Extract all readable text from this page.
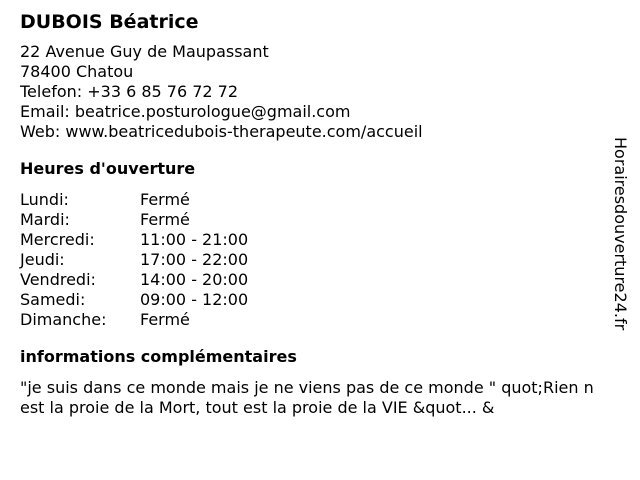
DUBOIS Béatrice
22 Avenue Guy de Maupassant
78400 Chatou
Telefon: +33 6 85 76 72 72
Email: beatrice.posturologue@gmail.com
Web: www.beatricedubois-therapeute.com/accueil
Heures d'ouverture
Lundi:	Fermé
Mardi:	Fermé
Mercredi:	11:00 - 21:00
Jeudi:	17:00 - 22:00
Vendredi:	14:00 - 20:00
Samedi:	09:00 - 12:00
Dimanche:	Fermé
informations complémentaires
"je suis dans ce monde mais je ne viens pas de ce monde " quot;Rien n est la proie de la Mort, tout est la proie de la VIE &quot... &
Horairesdouverture24.fr
